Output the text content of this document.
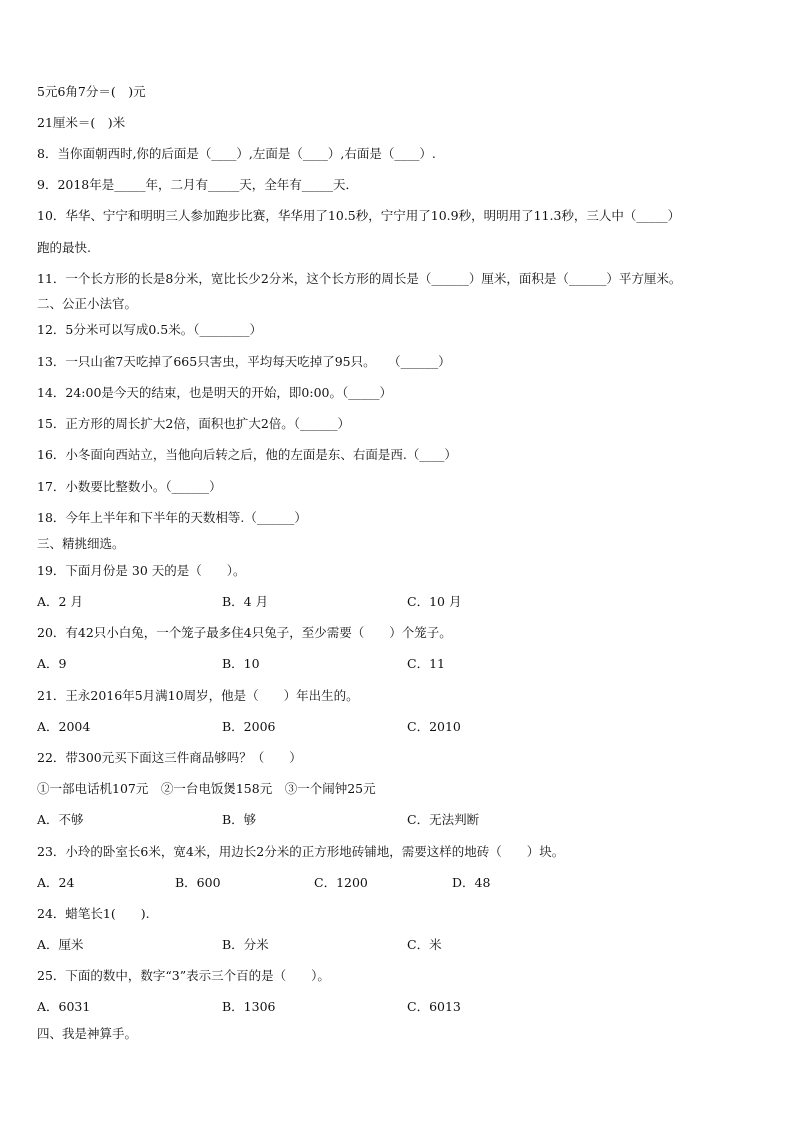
5元6角7分＝(　)元
21厘米＝(　)米
8．当你面朝西时,你的后面是（____）,左面是（____）,右面是（____）.
9．2018年是_____年，二月有_____天，全年有_____天．
10．华华、宁宁和明明三人参加跑步比赛，华华用了10.5秒，宁宁用了10.9秒，明明用了11.3秒，三人中（_____）
跑的最快.
11．一个长方形的长是8分米，宽比长少2分米，这个长方形的周长是（______）厘米，面积是（______）平方厘米。
二、公正小法官。
12．5分米可以写成0.5米。（________）
13．一只山雀7天吃掉了665只害虫，平均每天吃掉了95只。　　（______）
14．24:00是今天的结束，也是明天的开始，即0:00。（_____）
15．正方形的周长扩大2倍，面积也扩大2倍。（______）
16．小冬面向西站立，当他向后转之后，他的左面是东、右面是西.（____）
17．小数要比整数小。（______）
18．今年上半年和下半年的天数相等.（______）
三、精挑细选。
19．下面月份是 30 天的是（　　）。
A．2 月	B．4 月	C．10 月
20．有42只小白兔，一个笼子最多住4只兔子，至少需要（　　）个笼子。
A．9	B．10	C．11
21．王永2016年5月满10周岁，他是（　　）年出生的。
A．2004	B．2006	C．2010
22．带300元买下面这三件商品够吗？（　　）
①一部电话机107元　②一台电饭煲158元　③一个闹钟25元
A．不够	B．够	C．无法判断
23．小玲的卧室长6米，宽4米，用边长2分米的正方形地砖铺地，需要这样的地砖（　　）块。
A．24	B．600	C．1200	D．48
24．蜡笔长1(　　).
A．厘米	B．分米	C．米
25．下面的数中，数字“3”表示三个百的是（　　）。
A．6031	B．1306	C．6013
四、我是神算手。
